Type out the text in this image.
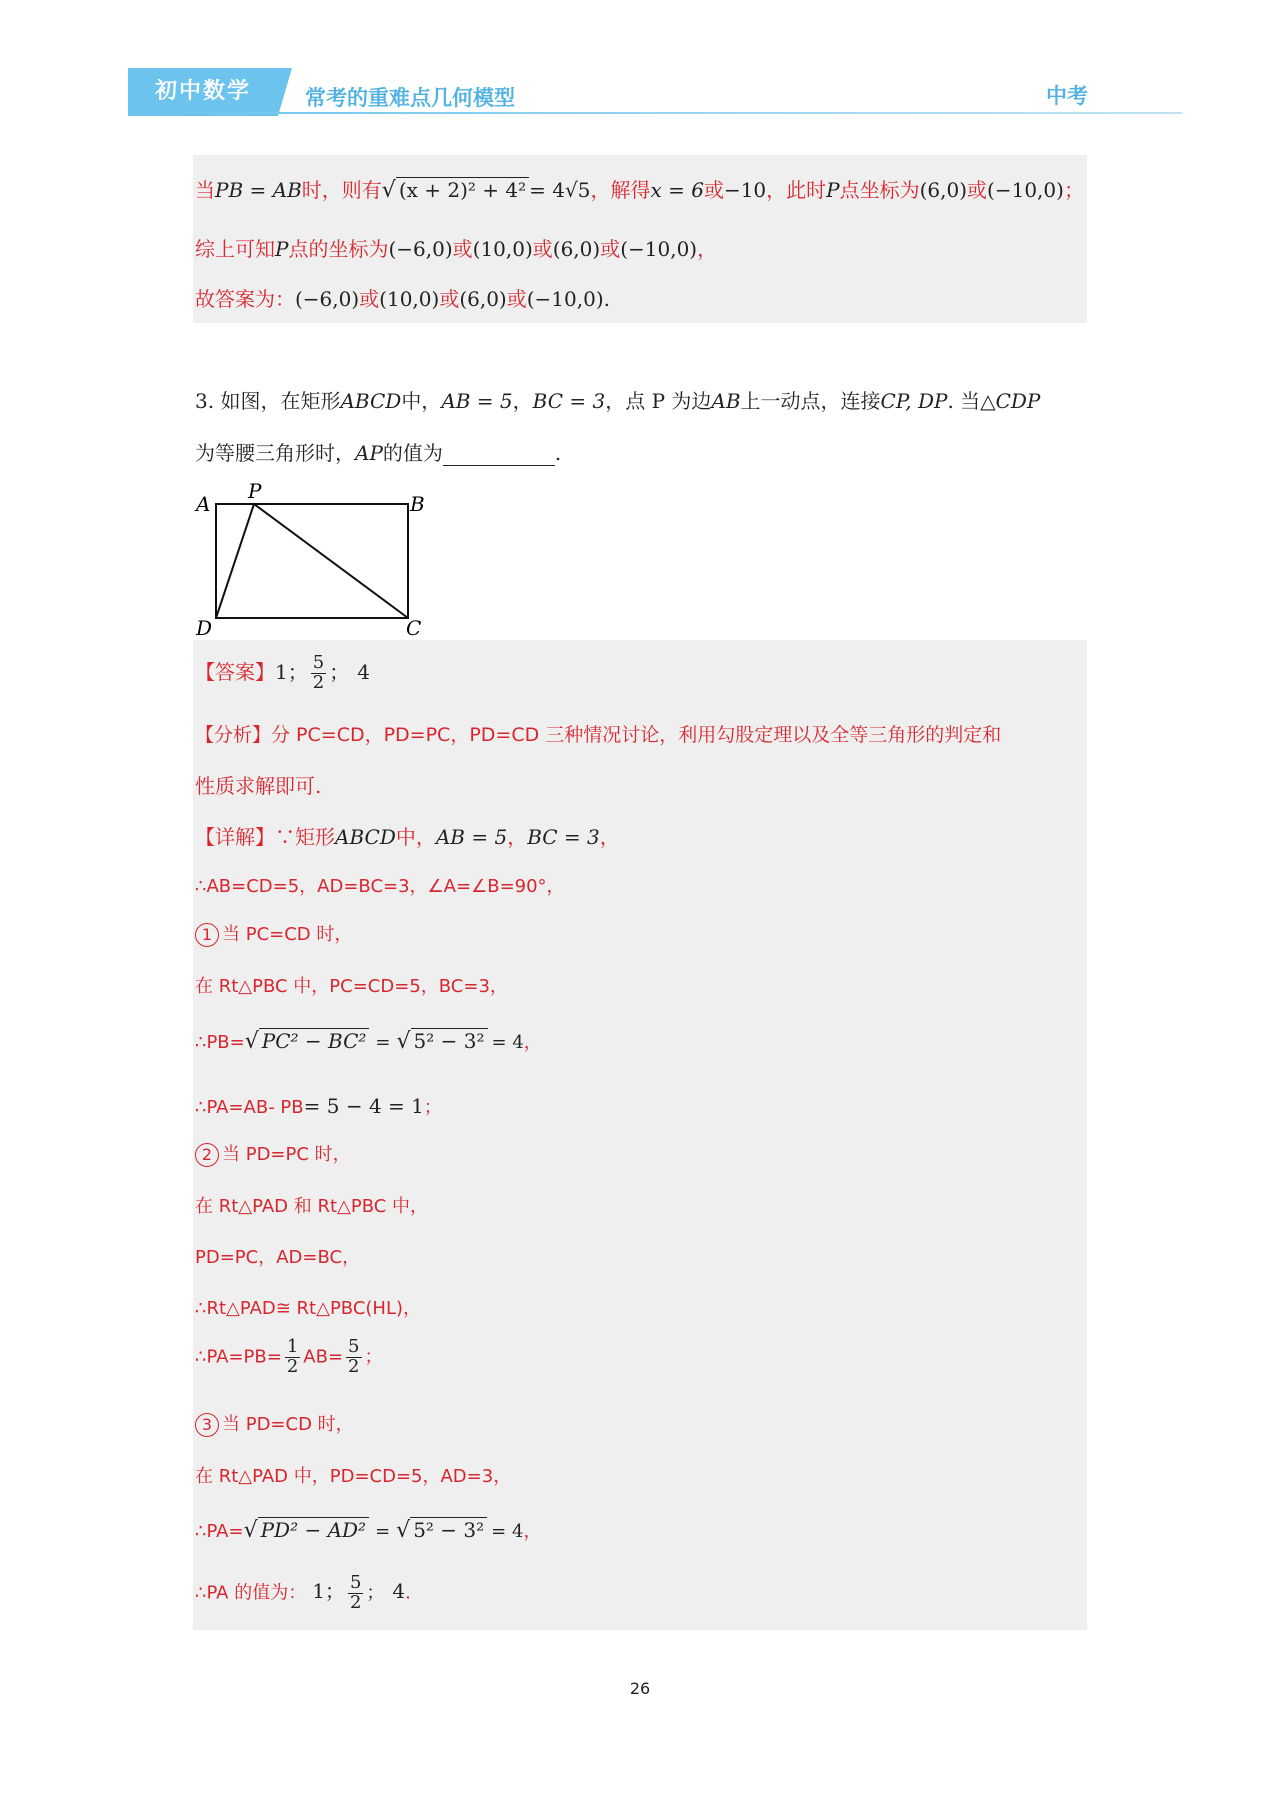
初中数学	常考的重难点几何模型	中考
当PB = AB时，则有√ (x + 2)² + 4² = 4√5，解得x = 6或−10，此时P点坐标为(6,0)或(−10,0)；
综上可知P点的坐标为(−6,0)或(10,0)或(6,0)或(−10,0)，
故答案为：(−6,0)或(10,0)或(6,0)或(−10,0).
3. 如图，在矩形ABCD中，AB = 5，BC = 3，点 P 为边AB上一动点，连接CP, DP. 当△CDP
为等腰三角形时，AP的值为	.
A
P
B
D	C
【答案】1； $\frac{5}{2}$ ； 4
【分析】分 PC=CD，PD=PC，PD=CD 三种情况讨论，利用勾股定理以及全等三角形的判定和
性质求解即可.
【详解】∵矩形ABCD中，AB = 5，BC = 3，
∴AB=CD=5，AD=BC=3，∠A=∠B=90°，
1 当 PC=CD 时，
在 Rt△PBC 中，PC=CD=5，BC=3，
∴PB=√ PC² − BC² = √ 5² − 3² = 4，
∴PA=AB- PB= 5 − 4 = 1；
2 当 PD=PC 时，
在 Rt△PAD 和 Rt△PBC 中，
PD=PC，AD=BC，
∴Rt△PAD≅ Rt△PBC(HL)，
∴PA=PB= $\frac{1}{2} AB= \frac{5}{2}$ ；
3 当 PD=CD 时，
在 Rt△PAD 中，PD=CD=5，AD=3，
∴PA=√ PD² − AD² = √ 5² − 3² = 4，
∴PA 的值为： 1； $\frac{5}{2}$ ； 4.
26
